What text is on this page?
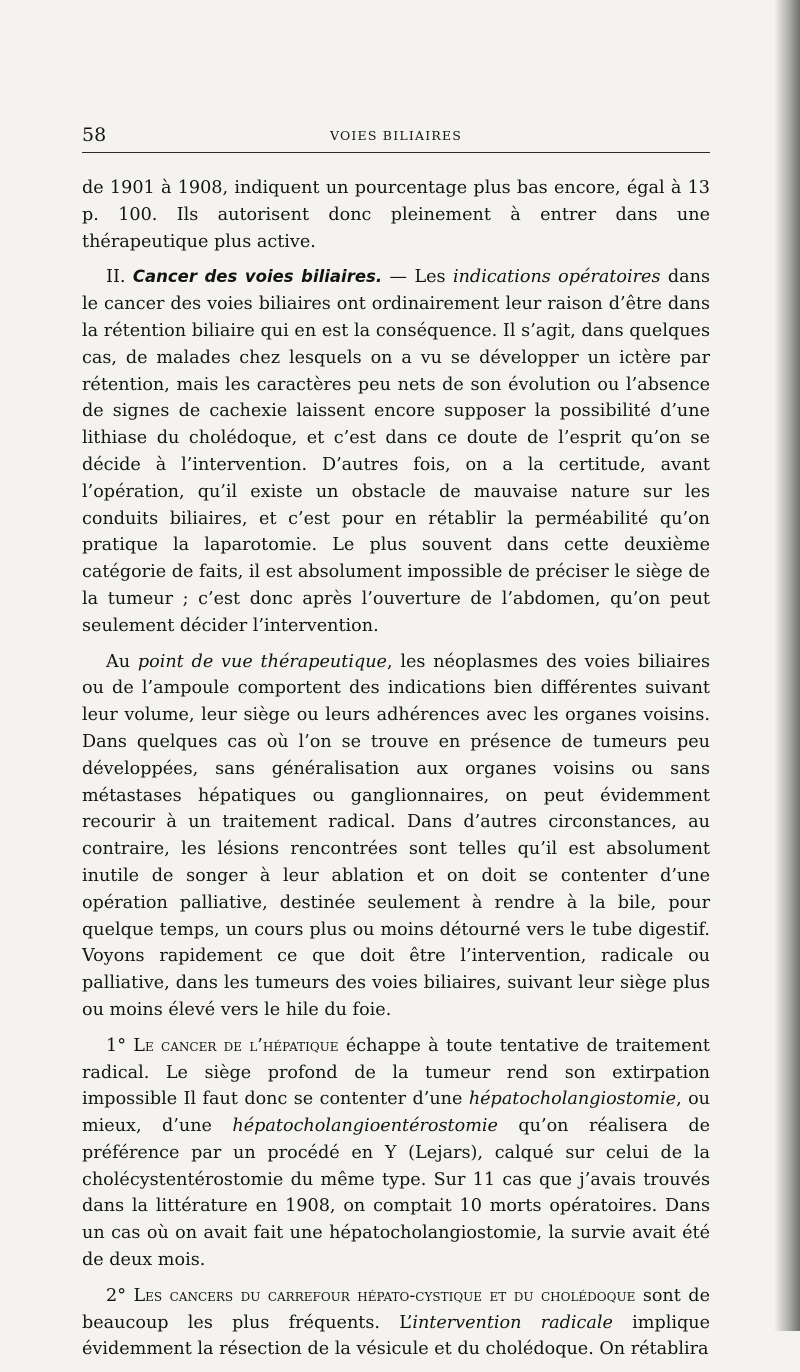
58	VOIES BILIAIRES

de 1901 à 1908, indiquent un pourcentage plus bas encore, égal à 13 p. 100. Ils autorisent donc pleinement à entrer dans une thérapeutique plus active.

II. Cancer des voies biliaires. — Les indications opératoires dans le cancer des voies biliaires ont ordinairement leur raison d’être dans la rétention biliaire qui en est la conséquence. Il s’agit, dans quelques cas, de malades chez lesquels on a vu se développer un ictère par rétention, mais les caractères peu nets de son évolution ou l’absence de signes de cachexie laissent encore supposer la possibilité d’une lithiase du cholédoque, et c’est dans ce doute de l’esprit qu’on se décide à l’intervention. D’autres fois, on a la certitude, avant l’opération, qu’il existe un obstacle de mauvaise nature sur les conduits biliaires, et c’est pour en rétablir la perméabilité qu’on pratique la laparotomie. Le plus souvent dans cette deuxième catégorie de faits, il est absolument impossible de préciser le siège de la tumeur ; c’est donc après l’ouverture de l’abdomen, qu’on peut seulement décider l’intervention.

Au point de vue thérapeutique, les néoplasmes des voies biliaires ou de l’ampoule comportent des indications bien différentes suivant leur volume, leur siège ou leurs adhérences avec les organes voisins. Dans quelques cas où l’on se trouve en présence de tumeurs peu développées, sans généralisation aux organes voisins ou sans métastases hépatiques ou ganglionnaires, on peut évidemment recourir à un traitement radical. Dans d’autres circonstances, au contraire, les lésions rencontrées sont telles qu’il est absolument inutile de songer à leur ablation et on doit se contenter d’une opération palliative, destinée seulement à rendre à la bile, pour quelque temps, un cours plus ou moins détourné vers le tube digestif. Voyons rapidement ce que doit être l’intervention, radicale ou palliative, dans les tumeurs des voies biliaires, suivant leur siège plus ou moins élevé vers le hile du foie.

1° Le cancer de l’hépatique échappe à toute tentative de traitement radical. Le siège profond de la tumeur rend son extirpation impossible Il faut donc se contenter d’une hépatocholangiostomie, ou mieux, d’une hépatocholangioentérostomie qu’on réalisera de préférence par un procédé en Y (Lejars), calqué sur celui de la cholécystentérostomie du même type. Sur 11 cas que j’avais trouvés dans la littérature en 1908, on comptait 10 morts opératoires. Dans un cas où on avait fait une hépatocholangiostomie, la survie avait été de deux mois.

2° Les cancers du carrefour hépato-cystique et du cholédoque sont de beaucoup les plus fréquents. L’intervention radicale implique évidemment la résection de la vésicule et du cholédoque. On rétablira
